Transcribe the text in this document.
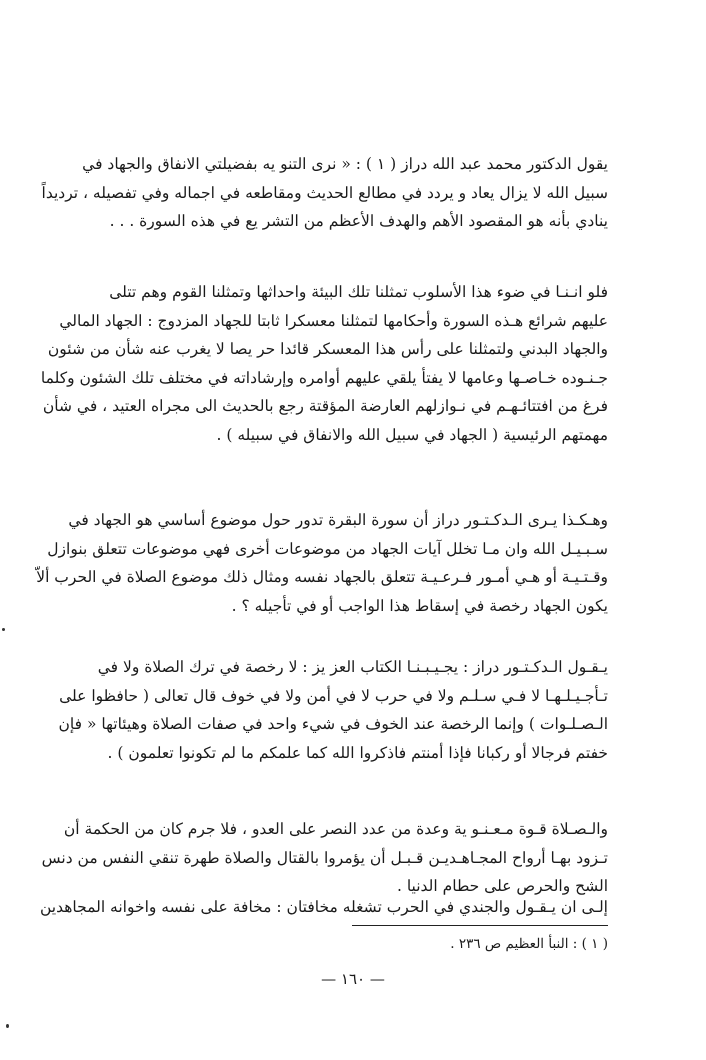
يقول الدكتور محمد عبد الله دراز ( ١ ) : « نرى التنو يه بفضيلتي الانفاق والجهاد في
سبيل الله لا يزال يعاد و يردد في مطالع الحديث ومقاطعه في اجماله وفي تفصيله ، ترديداً
ينادي بأنه هو المقصود الأهم والهدف الأعظم من التشر يع في هذه السورة . . .
فلو انـنـا في ضوء هذا الأسلوب تمثلنا تلك البيئة واحداثها وتمثلنا القوم وهم تتلى
عليهم شرائع هـذه السورة وأحكامها لتمثلنا معسكرا ثابتا للجهاد المزدوج : الجهاد المالي
والجهاد البدني ولتمثلنا على رأس هذا المعسكر قائدا حر يصا لا يغرب عنه شأن من شئون
جـنـوده خـاصـها وعامها لا يفتأ يلقي عليهم أوامره وإرشاداته في مختلف تلك الشئون وكلما
فرغ من افتتائـهـم في نـوازلهم العارضة المؤقتة رجع بالحديث الى مجراه العتيد ، في شأن
مهمتهم الرئيسية ( الجهاد في سبيل الله والانفاق في سبيله ) .
وهـكـذا يـرى الـدكـتـور دراز أن سورة البقرة تدور حول موضوع أساسي هو الجهاد في
سـبـيـل الله وان مـا تخلل آيات الجهاد من موضوعات أخرى فهي موضوعات تتعلق بنوازل
وقـتـيـة أو هـي أمـور فـرعـيـة تتعلق بالجهاد نفسه ومثال ذلك موضوع الصلاة في الحرب ألاّ
يكون الجهاد رخصة في إسقاط هذا الواجب أو في تأجيله ؟ .
يـقـول الـدكـتـور دراز : يجـيـبـنـا الكتاب العز يز : لا رخصة في ترك الصلاة ولا في
تـأجـيـلـهـا لا فـي سـلـم ولا في حرب لا في أمن ولا في خوف قال تعالى ( حافظوا على
الـصـلـوات ) وإنما الرخصة عند الخوف في شيء واحد في صفات الصلاة وهيئاتها « فإن
خفتم فرجالا أو ركبانا فإذا أمنتم فاذكروا الله كما علمكم ما لم تكونوا تعلمون ) .
والـصـلاة قـوة مـعـنـو ية وعدة من عدد النصر على العدو ، فلا جرم كان من الحكمة أن
تـزود بهـا أرواح المجـاهـديـن قـبـل أن يؤمروا بالقتال والصلاة طهرة تنقي النفس من دنس
الشح والحرص على حطام الدنيا .
إلـى ان يـقـول والجندي في الحرب تشغله مخافتان : مخافة على نفسه واخوانه المجاهدين
( ١ ) : النبأ العظيم ص ٢٣٦ .
— ١٦٠ —
